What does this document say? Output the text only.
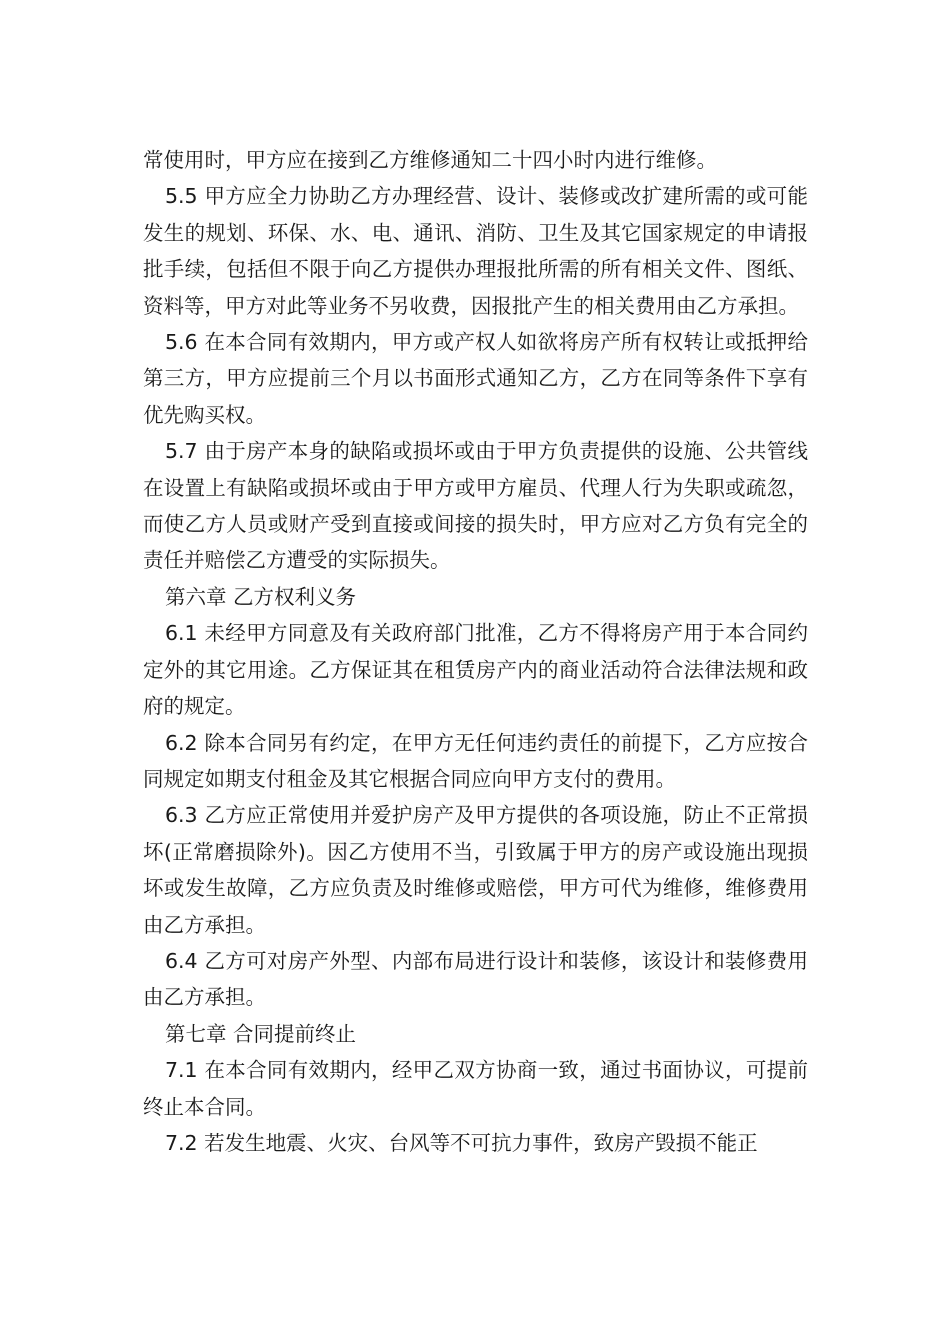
常使用时，甲方应在接到乙方维修通知二十四小时内进行维修。

5.5 甲方应全力协助乙方办理经营、设计、装修或改扩建所需的或可能发生的规划、环保、水、电、通讯、消防、卫生及其它国家规定的申请报批手续，包括但不限于向乙方提供办理报批所需的所有相关文件、图纸、资料等，甲方对此等业务不另收费，因报批产生的相关费用由乙方承担。

5.6 在本合同有效期内，甲方或产权人如欲将房产所有权转让或抵押给第三方，甲方应提前三个月以书面形式通知乙方，乙方在同等条件下享有优先购买权。

5.7 由于房产本身的缺陷或损坏或由于甲方负责提供的设施、公共管线在设置上有缺陷或损坏或由于甲方或甲方雇员、代理人行为失职或疏忽，而使乙方人员或财产受到直接或间接的损失时，甲方应对乙方负有完全的责任并赔偿乙方遭受的实际损失。

第六章 乙方权利义务

6.1 未经甲方同意及有关政府部门批准，乙方不得将房产用于本合同约定外的其它用途。乙方保证其在租赁房产内的商业活动符合法律法规和政府的规定。

6.2 除本合同另有约定，在甲方无任何违约责任的前提下，乙方应按合同规定如期支付租金及其它根据合同应向甲方支付的费用。

6.3 乙方应正常使用并爱护房产及甲方提供的各项设施，防止不正常损坏(正常磨损除外)。因乙方使用不当，引致属于甲方的房产或设施出现损坏或发生故障，乙方应负责及时维修或赔偿，甲方可代为维修，维修费用由乙方承担。

6.4 乙方可对房产外型、内部布局进行设计和装修，该设计和装修费用由乙方承担。

第七章 合同提前终止

7.1 在本合同有效期内，经甲乙双方协商一致，通过书面协议，可提前终止本合同。

7.2 若发生地震、火灾、台风等不可抗力事件，致房产毁损不能正
